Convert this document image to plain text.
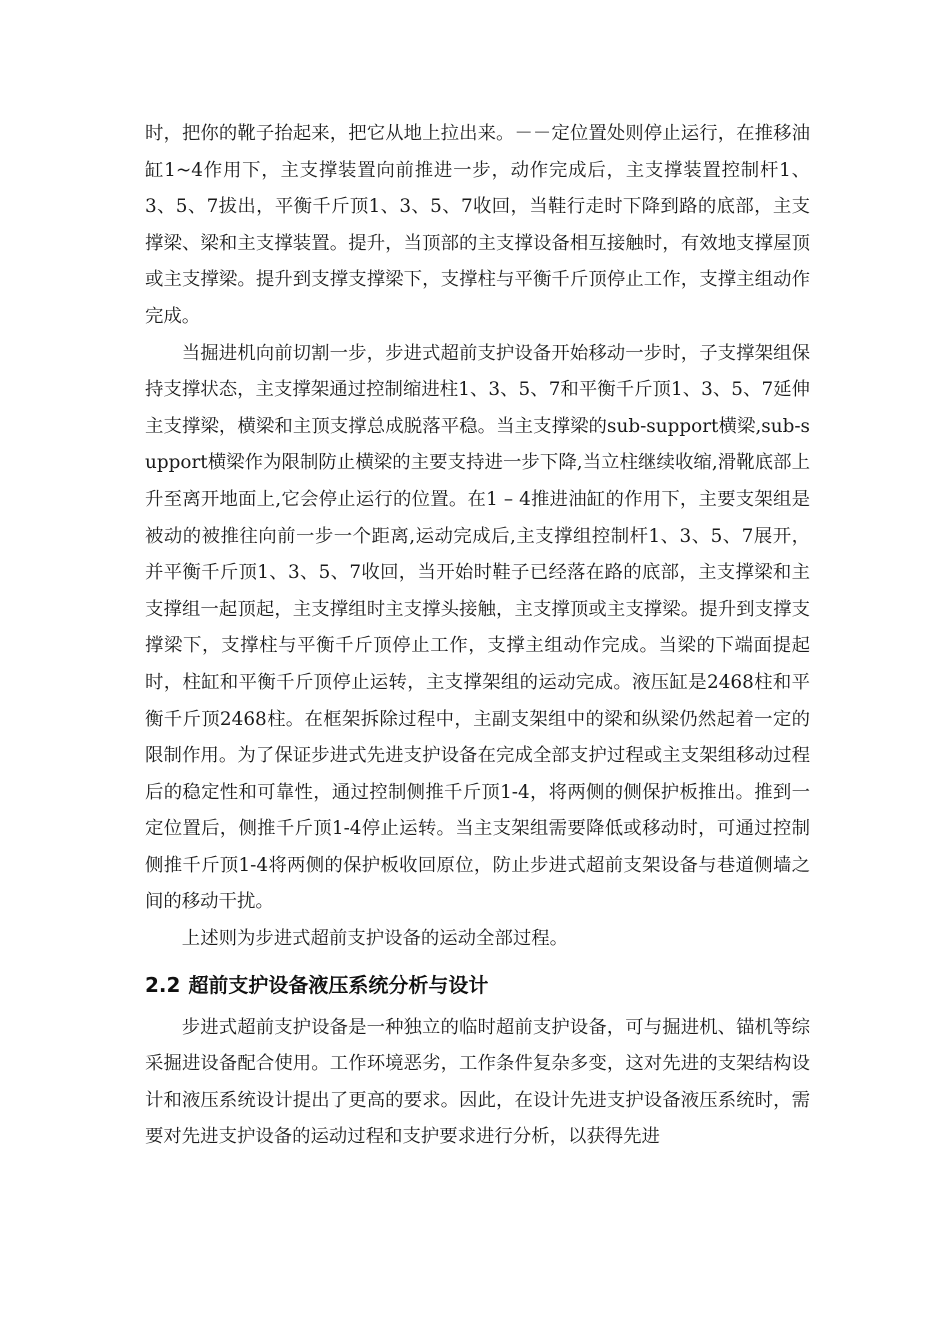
时，把你的靴子抬起来，把它从地上拉出来。－－定位置处则停止运行，在推移油缸1~4作用下，主支撑装置向前推进一步，动作完成后，主支撑装置控制杆1、3、5、7拔出，平衡千斤顶1、3、5、7收回，当鞋行走时下降到路的底部，主支撑梁、梁和主支撑装置。提升，当顶部的主支撑设备相互接触时，有效地支撑屋顶或主支撑梁。提升到支撑支撑梁下，支撑柱与平衡千斤顶停止工作，支撑主组动作完成。

当掘进机向前切割一步，步进式超前支护设备开始移动一步时，子支撑架组保持支撑状态，主支撑架通过控制缩进柱1、3、5、7和平衡千斤顶1、3、5、7延伸主支撑梁，横梁和主顶支撑总成脱落平稳。当主支撑梁的sub-support横梁,sub-support横梁作为限制防止横梁的主要支持进一步下降,当立柱继续收缩,滑靴底部上升至离开地面上,它会停止运行的位置。在1 – 4推进油缸的作用下，主要支架组是被动的被推往向前一步一个距离,运动完成后,主支撑组控制杆1、3、5、7展开，并平衡千斤顶1、3、5、7收回，当开始时鞋子已经落在路的底部，主支撑梁和主支撑组一起顶起，主支撑组时主支撑头接触，主支撑顶或主支撑梁。提升到支撑支撑梁下，支撑柱与平衡千斤顶停止工作，支撑主组动作完成。当梁的下端面提起时，柱缸和平衡千斤顶停止运转，主支撑架组的运动完成。液压缸是2468柱和平衡千斤顶2468柱。在框架拆除过程中，主副支架组中的梁和纵梁仍然起着一定的限制作用。为了保证步进式先进支护设备在完成全部支护过程或主支架组移动过程后的稳定性和可靠性，通过控制侧推千斤顶1-4，将两侧的侧保护板推出。推到一定位置后，侧推千斤顶1-4停止运转。当主支架组需要降低或移动时，可通过控制侧推千斤顶1-4将两侧的保护板收回原位，防止步进式超前支架设备与巷道侧墙之间的移动干扰。

上述则为步进式超前支护设备的运动全部过程。

2.2 超前支护设备液压系统分析与设计

步进式超前支护设备是一种独立的临时超前支护设备，可与掘进机、锚机等综采掘进设备配合使用。工作环境恶劣，工作条件复杂多变，这对先进的支架结构设计和液压系统设计提出了更高的要求。因此，在设计先进支护设备液压系统时，需要对先进支护设备的运动过程和支护要求进行分析，以获得先进
